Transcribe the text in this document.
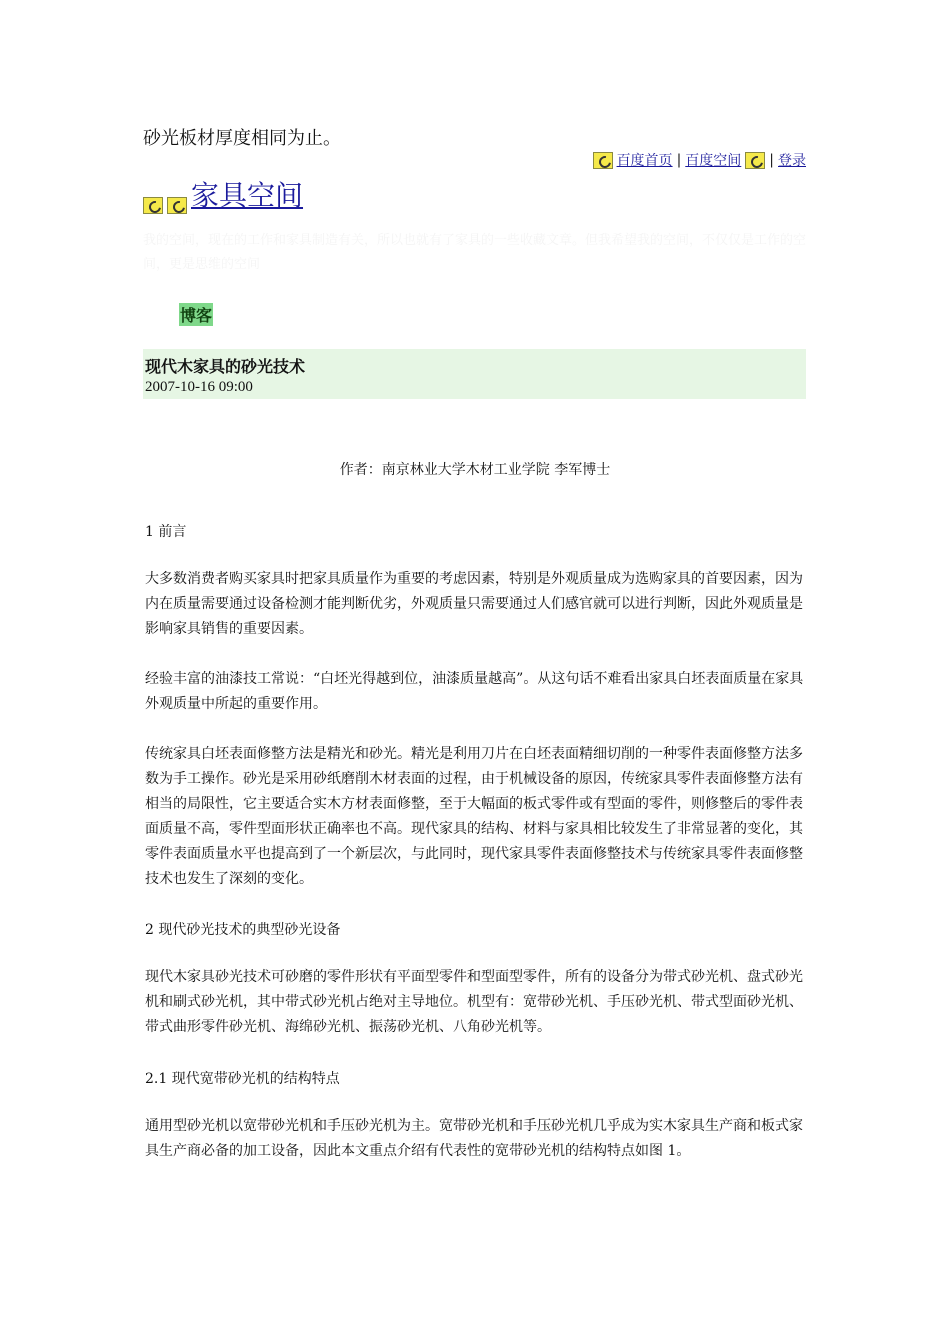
砂光板材厚度相同为止。
百度首页 | 百度空间 | 登录
家具空间
我的空间，现在的工作和家具制造有关，所以也就有了家具的一些收藏文章。但我希望我的空间，不仅仅是工作的空间，更是思维的空间
博客
现代木家具的砂光技术
2007-10-16 09:00
作者：南京林业大学木材工业学院 李军博士
1 前言
大多数消费者购买家具时把家具质量作为重要的考虑因素，特别是外观质量成为选购家具的首要因素，因为内在质量需要通过设备检测才能判断优劣，外观质量只需要通过人们感官就可以进行判断，因此外观质量是影响家具销售的重要因素。
经验丰富的油漆技工常说：“白坯光得越到位，油漆质量越高”。从这句话不难看出家具白坯表面质量在家具外观质量中所起的重要作用。
传统家具白坯表面修整方法是精光和砂光。精光是利用刀片在白坯表面精细切削的一种零件表面修整方法多数为手工操作。砂光是采用砂纸磨削木材表面的过程，由于机械设备的原因，传统家具零件表面修整方法有相当的局限性，它主要适合实木方材表面修整，至于大幅面的板式零件或有型面的零件，则修整后的零件表面质量不高，零件型面形状正确率也不高。现代家具的结构、材料与家具相比较发生了非常显著的变化，其零件表面质量水平也提高到了一个新层次，与此同时，现代家具零件表面修整技术与传统家具零件表面修整技术也发生了深刻的变化。
2 现代砂光技术的典型砂光设备
现代木家具砂光技术可砂磨的零件形状有平面型零件和型面型零件，所有的设备分为带式砂光机、盘式砂光机和刷式砂光机，其中带式砂光机占绝对主导地位。机型有：宽带砂光机、手压砂光机、带式型面砂光机、带式曲形零件砂光机、海绵砂光机、振荡砂光机、八角砂光机等。
2.1 现代宽带砂光机的结构特点
通用型砂光机以宽带砂光机和手压砂光机为主。宽带砂光机和手压砂光机几乎成为实木家具生产商和板式家具生产商必备的加工设备，因此本文重点介绍有代表性的宽带砂光机的结构特点如图 1。
